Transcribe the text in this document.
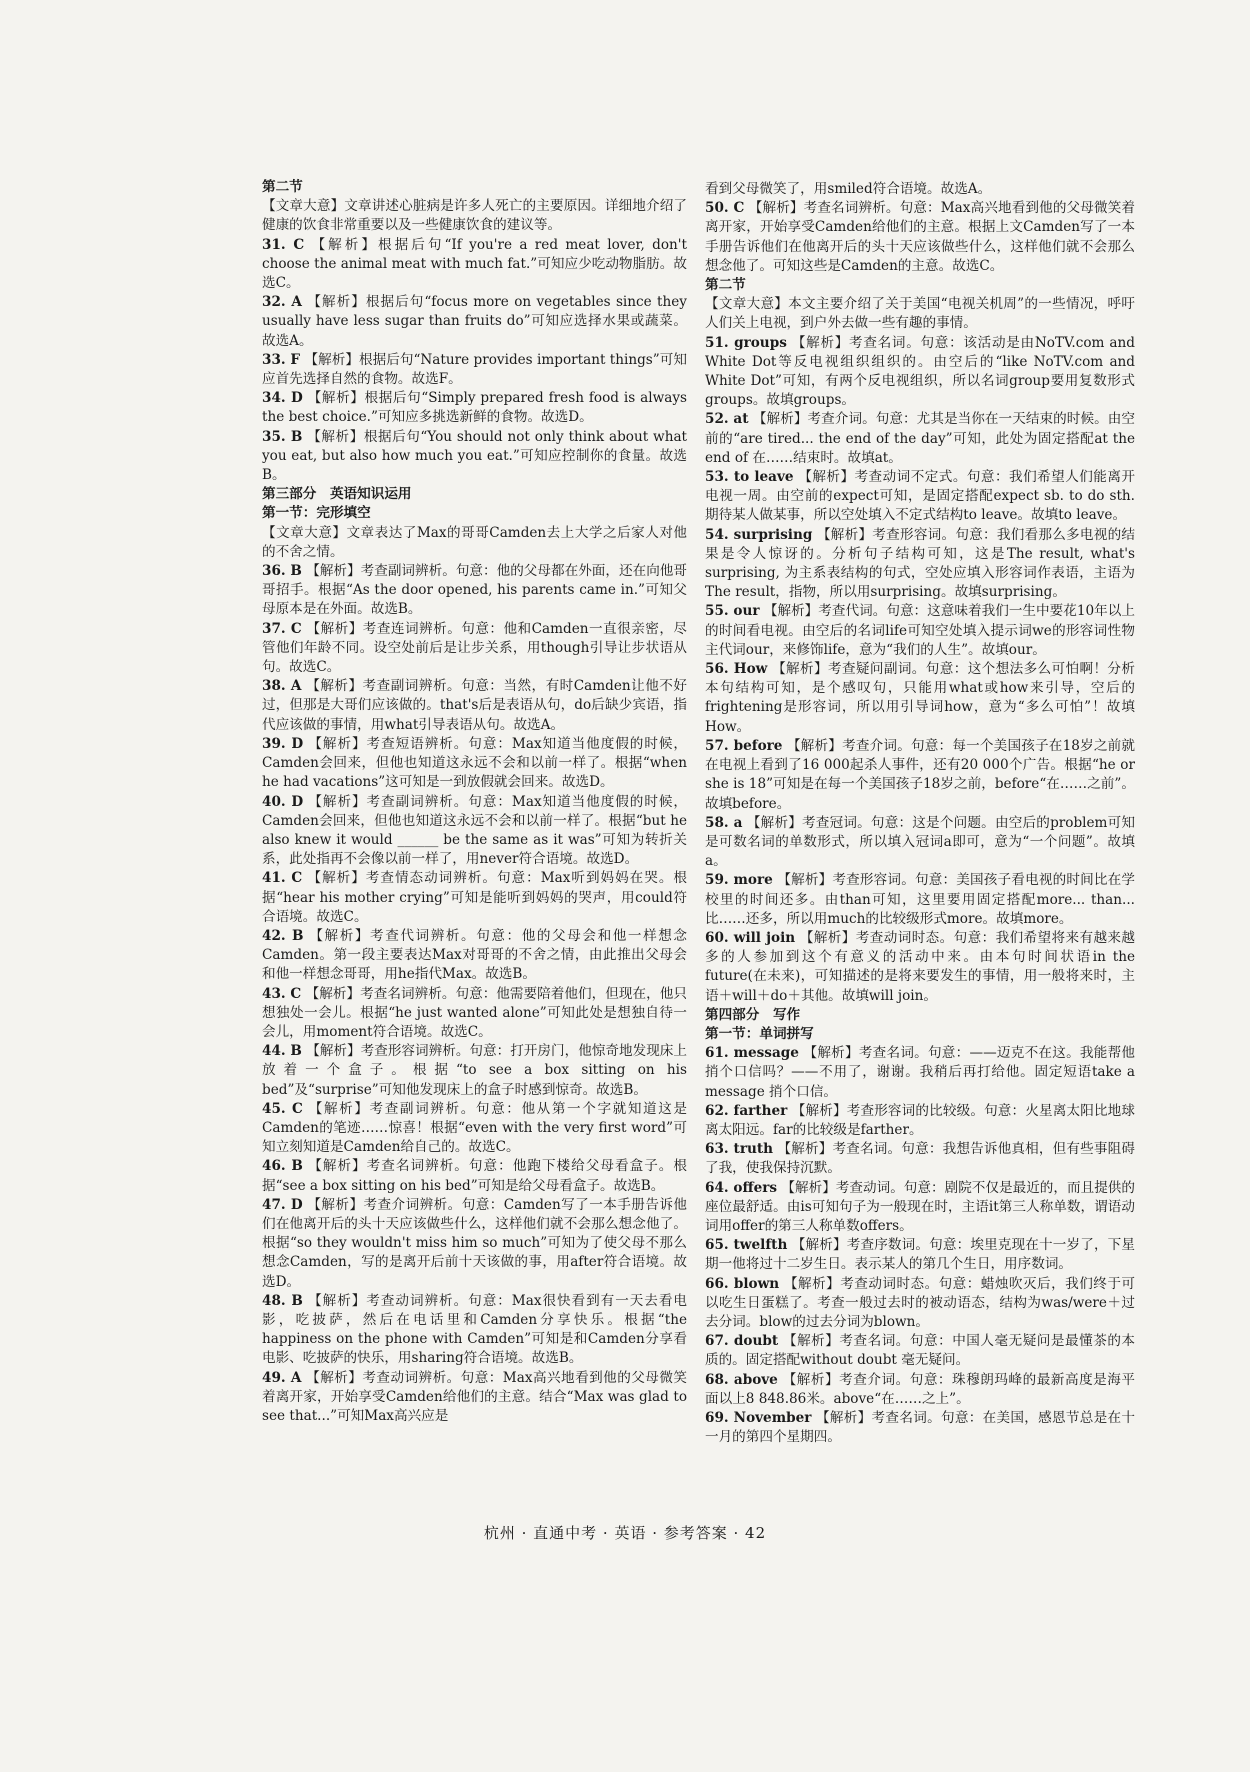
第二节

【文章大意】文章讲述心脏病是许多人死亡的主要原因。详细地介绍了健康的饮食非常重要以及一些健康饮食的建议等。

31. C 【解析】根据后句“If you're a red meat lover, don't choose the animal meat with much fat.”可知应少吃动物脂肪。故选C。

32. A 【解析】根据后句“focus more on vegetables since they usually have less sugar than fruits do”可知应选择水果或蔬菜。故选A。

33. F 【解析】根据后句“Nature provides important things”可知应首先选择自然的食物。故选F。

34. D 【解析】根据后句“Simply prepared fresh food is always the best choice.”可知应多挑选新鲜的食物。故选D。

35. B 【解析】根据后句“You should not only think about what you eat, but also how much you eat.”可知应控制你的食量。故选B。

第三部分　英语知识运用

第一节：完形填空

【文章大意】文章表达了Max的哥哥Camden去上大学之后家人对他的不舍之情。

36. B 【解析】考查副词辨析。句意：他的父母都在外面，还在向他哥哥招手。根据“As the door opened, his parents came in.”可知父母原本是在外面。故选B。

37. C 【解析】考查连词辨析。句意：他和Camden一直很亲密，尽管他们年龄不同。设空处前后是让步关系，用though引导让步状语从句。故选C。

38. A 【解析】考查副词辨析。句意：当然，有时Camden让他不好过，但那是大哥们应该做的。that's后是表语从句，do后缺少宾语，指代应该做的事情，用what引导表语从句。故选A。

39. D 【解析】考查短语辨析。句意：Max知道当他度假的时候，Camden会回来，但他也知道这永远不会和以前一样了。根据“when he had vacations”这可知是一到放假就会回来。故选D。

40. D 【解析】考查副词辨析。句意：Max知道当他度假的时候，Camden会回来，但他也知道这永远不会和以前一样了。根据“but he also knew it would ______ be the same as it was”可知为转折关系，此处指再不会像以前一样了，用never符合语境。故选D。

41. C 【解析】考查情态动词辨析。句意：Max听到妈妈在哭。根据“hear his mother crying”可知是能听到妈妈的哭声，用could符合语境。故选C。

42. B 【解析】考查代词辨析。句意：他的父母会和他一样想念Camden。第一段主要表达Max对哥哥的不舍之情，由此推出父母会和他一样想念哥哥，用he指代Max。故选B。

43. C 【解析】考查名词辨析。句意：他需要陪着他们，但现在，他只想独处一会儿。根据“he just wanted alone”可知此处是想独自待一会儿，用moment符合语境。故选C。

44. B 【解析】考查形容词辨析。句意：打开房门，他惊奇地发现床上放着一个盒子。根据“to see a box sitting on his bed”及“surprise”可知他发现床上的盒子时感到惊奇。故选B。

45. C 【解析】考查副词辨析。句意：他从第一个字就知道这是Camden的笔迹……惊喜！根据“even with the very first word”可知立刻知道是Camden给自己的。故选C。

46. B 【解析】考查名词辨析。句意：他跑下楼给父母看盒子。根据“see a box sitting on his bed”可知是给父母看盒子。故选B。

47. D 【解析】考查介词辨析。句意：Camden写了一本手册告诉他们在他离开后的头十天应该做些什么，这样他们就不会那么想念他了。根据“so they wouldn't miss him so much”可知为了使父母不那么想念Camden，写的是离开后前十天该做的事，用after符合语境。故选D。

48. B 【解析】考查动词辨析。句意：Max很快看到有一天去看电影，吃披萨，然后在电话里和Camden分享快乐。根据“the happiness on the phone with Camden”可知是和Camden分享看电影、吃披萨的快乐，用sharing符合语境。故选B。

49. A 【解析】考查动词辨析。句意：Max高兴地看到他的父母微笑着离开家，开始享受Camden给他们的主意。结合“Max was glad to see that...”可知Max高兴应是

看到父母微笑了，用smiled符合语境。故选A。

50. C 【解析】考查名词辨析。句意：Max高兴地看到他的父母微笑着离开家，开始享受Camden给他们的主意。根据上文Camden写了一本手册告诉他们在他离开后的头十天应该做些什么，这样他们就不会那么想念他了。可知这些是Camden的主意。故选C。

第二节

【文章大意】本文主要介绍了关于美国“电视关机周”的一些情况，呼吁人们关上电视，到户外去做一些有趣的事情。

51. groups 【解析】考查名词。句意：该活动是由NoTV.com and White Dot等反电视组织组织的。由空后的“like NoTV.com and White Dot”可知，有两个反电视组织，所以名词group要用复数形式groups。故填groups。

52. at 【解析】考查介词。句意：尤其是当你在一天结束的时候。由空前的“are tired... the end of the day”可知，此处为固定搭配at the end of 在……结束时。故填at。

53. to leave 【解析】考查动词不定式。句意：我们希望人们能离开电视一周。由空前的expect可知，是固定搭配expect sb. to do sth. 期待某人做某事，所以空处填入不定式结构to leave。故填to leave。

54. surprising 【解析】考查形容词。句意：我们看那么多电视的结果是令人惊讶的。分析句子结构可知，这是The result, what's surprising, 为主系表结构的句式，空处应填入形容词作表语，主语为The result，指物，所以用surprising。故填surprising。

55. our 【解析】考查代词。句意：这意味着我们一生中要花10年以上的时间看电视。由空后的名词life可知空处填入提示词we的形容词性物主代词our，来修饰life，意为“我们的人生”。故填our。

56. How 【解析】考查疑问副词。句意：这个想法多么可怕啊！分析本句结构可知，是个感叹句，只能用what或how来引导，空后的frightening是形容词，所以用引导词how，意为“多么可怕”！故填How。

57. before 【解析】考查介词。句意：每一个美国孩子在18岁之前就在电视上看到了16 000起杀人事件，还有20 000个广告。根据“he or she is 18”可知是在每一个美国孩子18岁之前，before“在……之前”。故填before。

58. a 【解析】考查冠词。句意：这是个问题。由空后的problem可知是可数名词的单数形式，所以填入冠词a即可，意为“一个问题”。故填a。

59. more 【解析】考查形容词。句意：美国孩子看电视的时间比在学校里的时间还多。由than可知，这里要用固定搭配more... than... 比……还多，所以用much的比较级形式more。故填more。

60. will join 【解析】考查动词时态。句意：我们希望将来有越来越多的人参加到这个有意义的活动中来。由本句时间状语in the future(在未来)，可知描述的是将来要发生的事情，用一般将来时，主语＋will＋do＋其他。故填will join。

第四部分　写作

第一节：单词拼写

61. message 【解析】考查名词。句意：——迈克不在这。我能帮他捎个口信吗？——不用了，谢谢。我稍后再打给他。固定短语take a message 捎个口信。

62. farther 【解析】考查形容词的比较级。句意：火星离太阳比地球离太阳远。far的比较级是farther。

63. truth 【解析】考查名词。句意：我想告诉他真相，但有些事阻碍了我，使我保持沉默。

64. offers 【解析】考查动词。句意：剧院不仅是最近的，而且提供的座位最舒适。由is可知句子为一般现在时，主语it第三人称单数，谓语动词用offer的第三人称单数offers。

65. twelfth 【解析】考查序数词。句意：埃里克现在十一岁了，下星期一他将过十二岁生日。表示某人的第几个生日，用序数词。

66. blown 【解析】考查动词时态。句意：蜡烛吹灭后，我们终于可以吃生日蛋糕了。考查一般过去时的被动语态，结构为was/were＋过去分词。blow的过去分词为blown。

67. doubt 【解析】考查名词。句意：中国人毫无疑问是最懂茶的本质的。固定搭配without doubt 毫无疑问。

68. above 【解析】考查介词。句意：珠穆朗玛峰的最新高度是海平面以上8 848.86米。above“在……之上”。

69. November 【解析】考查名词。句意：在美国，感恩节总是在十一月的第四个星期四。

杭州 · 直通中考 · 英语 · 参考答案 · 42
